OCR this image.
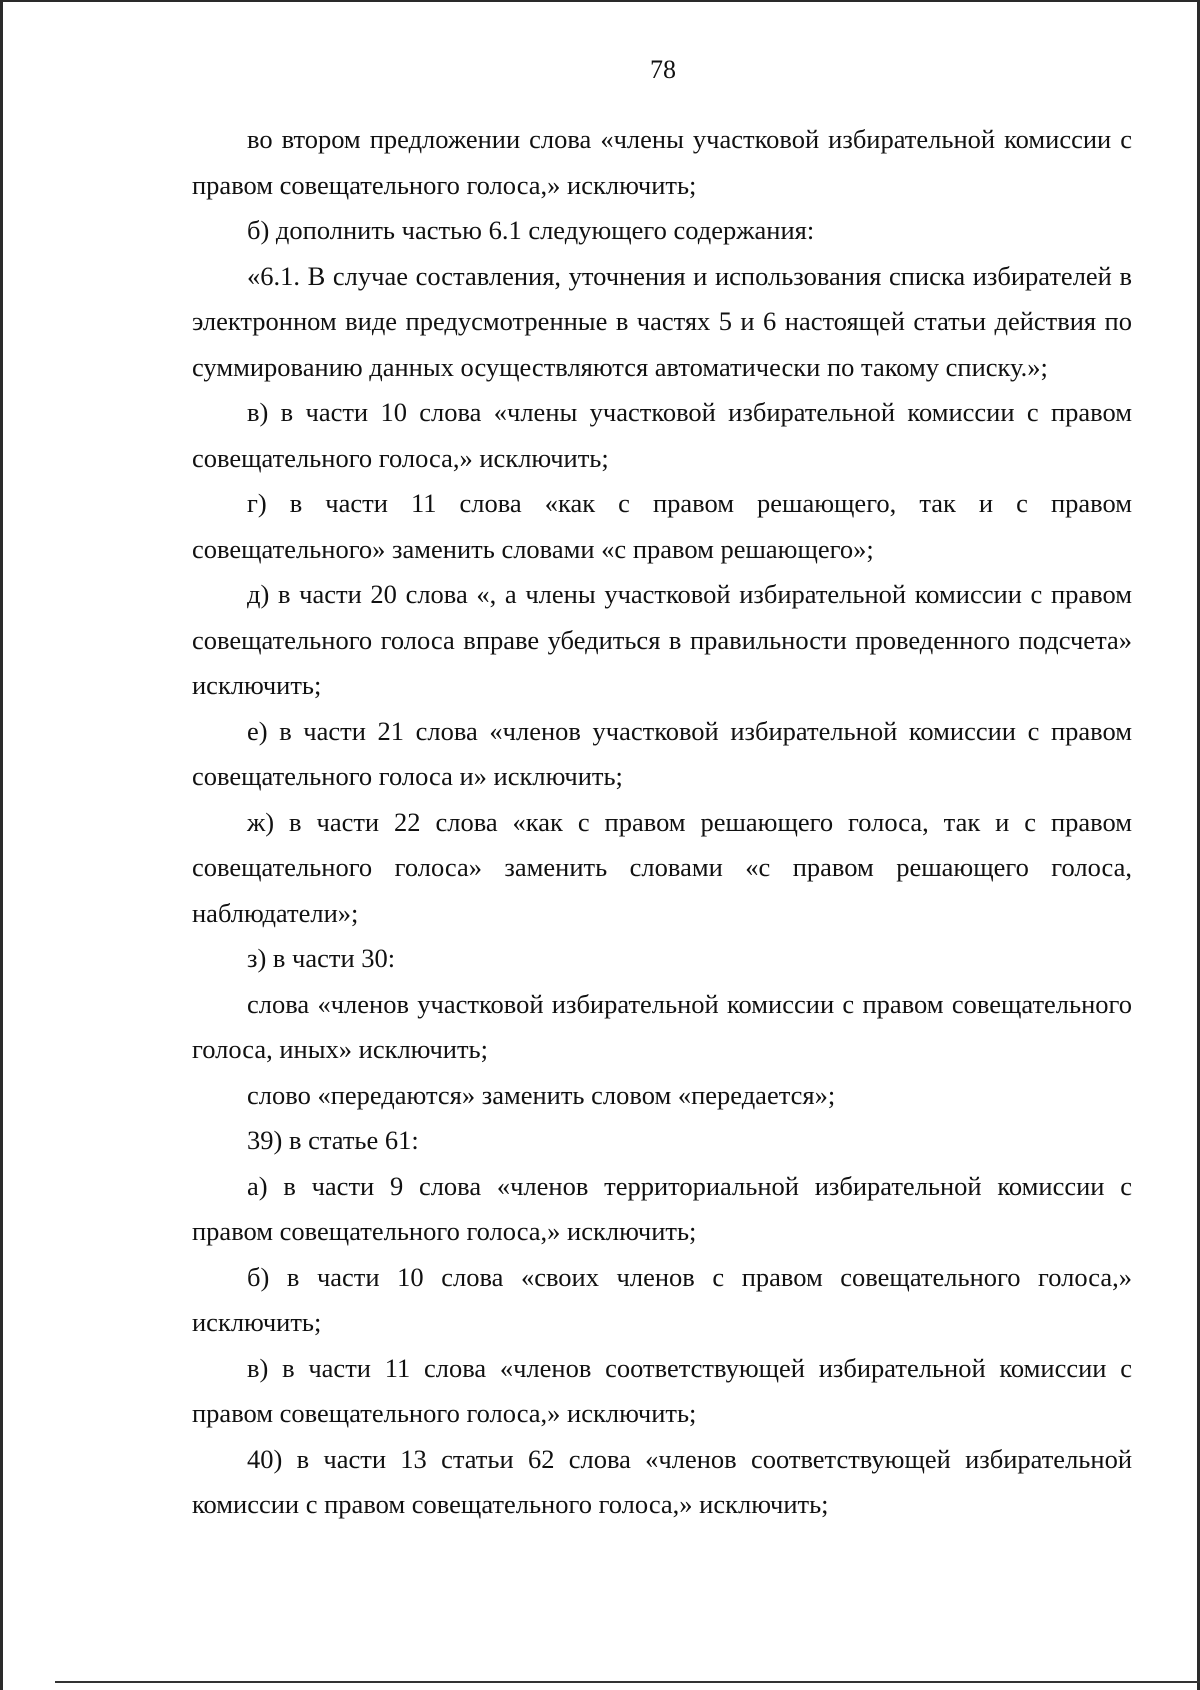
78

во втором предложении слова «члены участковой избирательной комиссии с правом совещательного голоса,» исключить;

б) дополнить частью 6.1 следующего содержания:

«6.1. В случае составления, уточнения и использования списка избирателей в электронном виде предусмотренные в частях 5 и 6 настоящей статьи действия по суммированию данных осуществляются автоматически по такому списку.»;

в) в части 10 слова «члены участковой избирательной комиссии с правом совещательного голоса,» исключить;

г) в части 11 слова «как с правом решающего, так и с правом совещательного» заменить словами «с правом решающего»;

д) в части 20 слова «, а члены участковой избирательной комиссии с правом совещательного голоса вправе убедиться в правильности проведенного подсчета» исключить;

е) в части 21 слова «членов участковой избирательной комиссии с правом совещательного голоса и» исключить;

ж) в части 22 слова «как с правом решающего голоса, так и с правом совещательного голоса» заменить словами «с правом решающего голоса, наблюдатели»;

з) в части 30:

слова «членов участковой избирательной комиссии с правом совещательного голоса, иных» исключить;

слово «передаются» заменить словом «передается»;

39) в статье 61:

а) в части 9 слова «членов территориальной избирательной комиссии с правом совещательного голоса,» исключить;

б) в части 10 слова «своих членов с правом совещательного голоса,» исключить;

в) в части 11 слова «членов соответствующей избирательной комиссии с правом совещательного голоса,» исключить;

40) в части 13 статьи 62 слова «членов соответствующей избирательной комиссии с правом совещательного голоса,» исключить;
